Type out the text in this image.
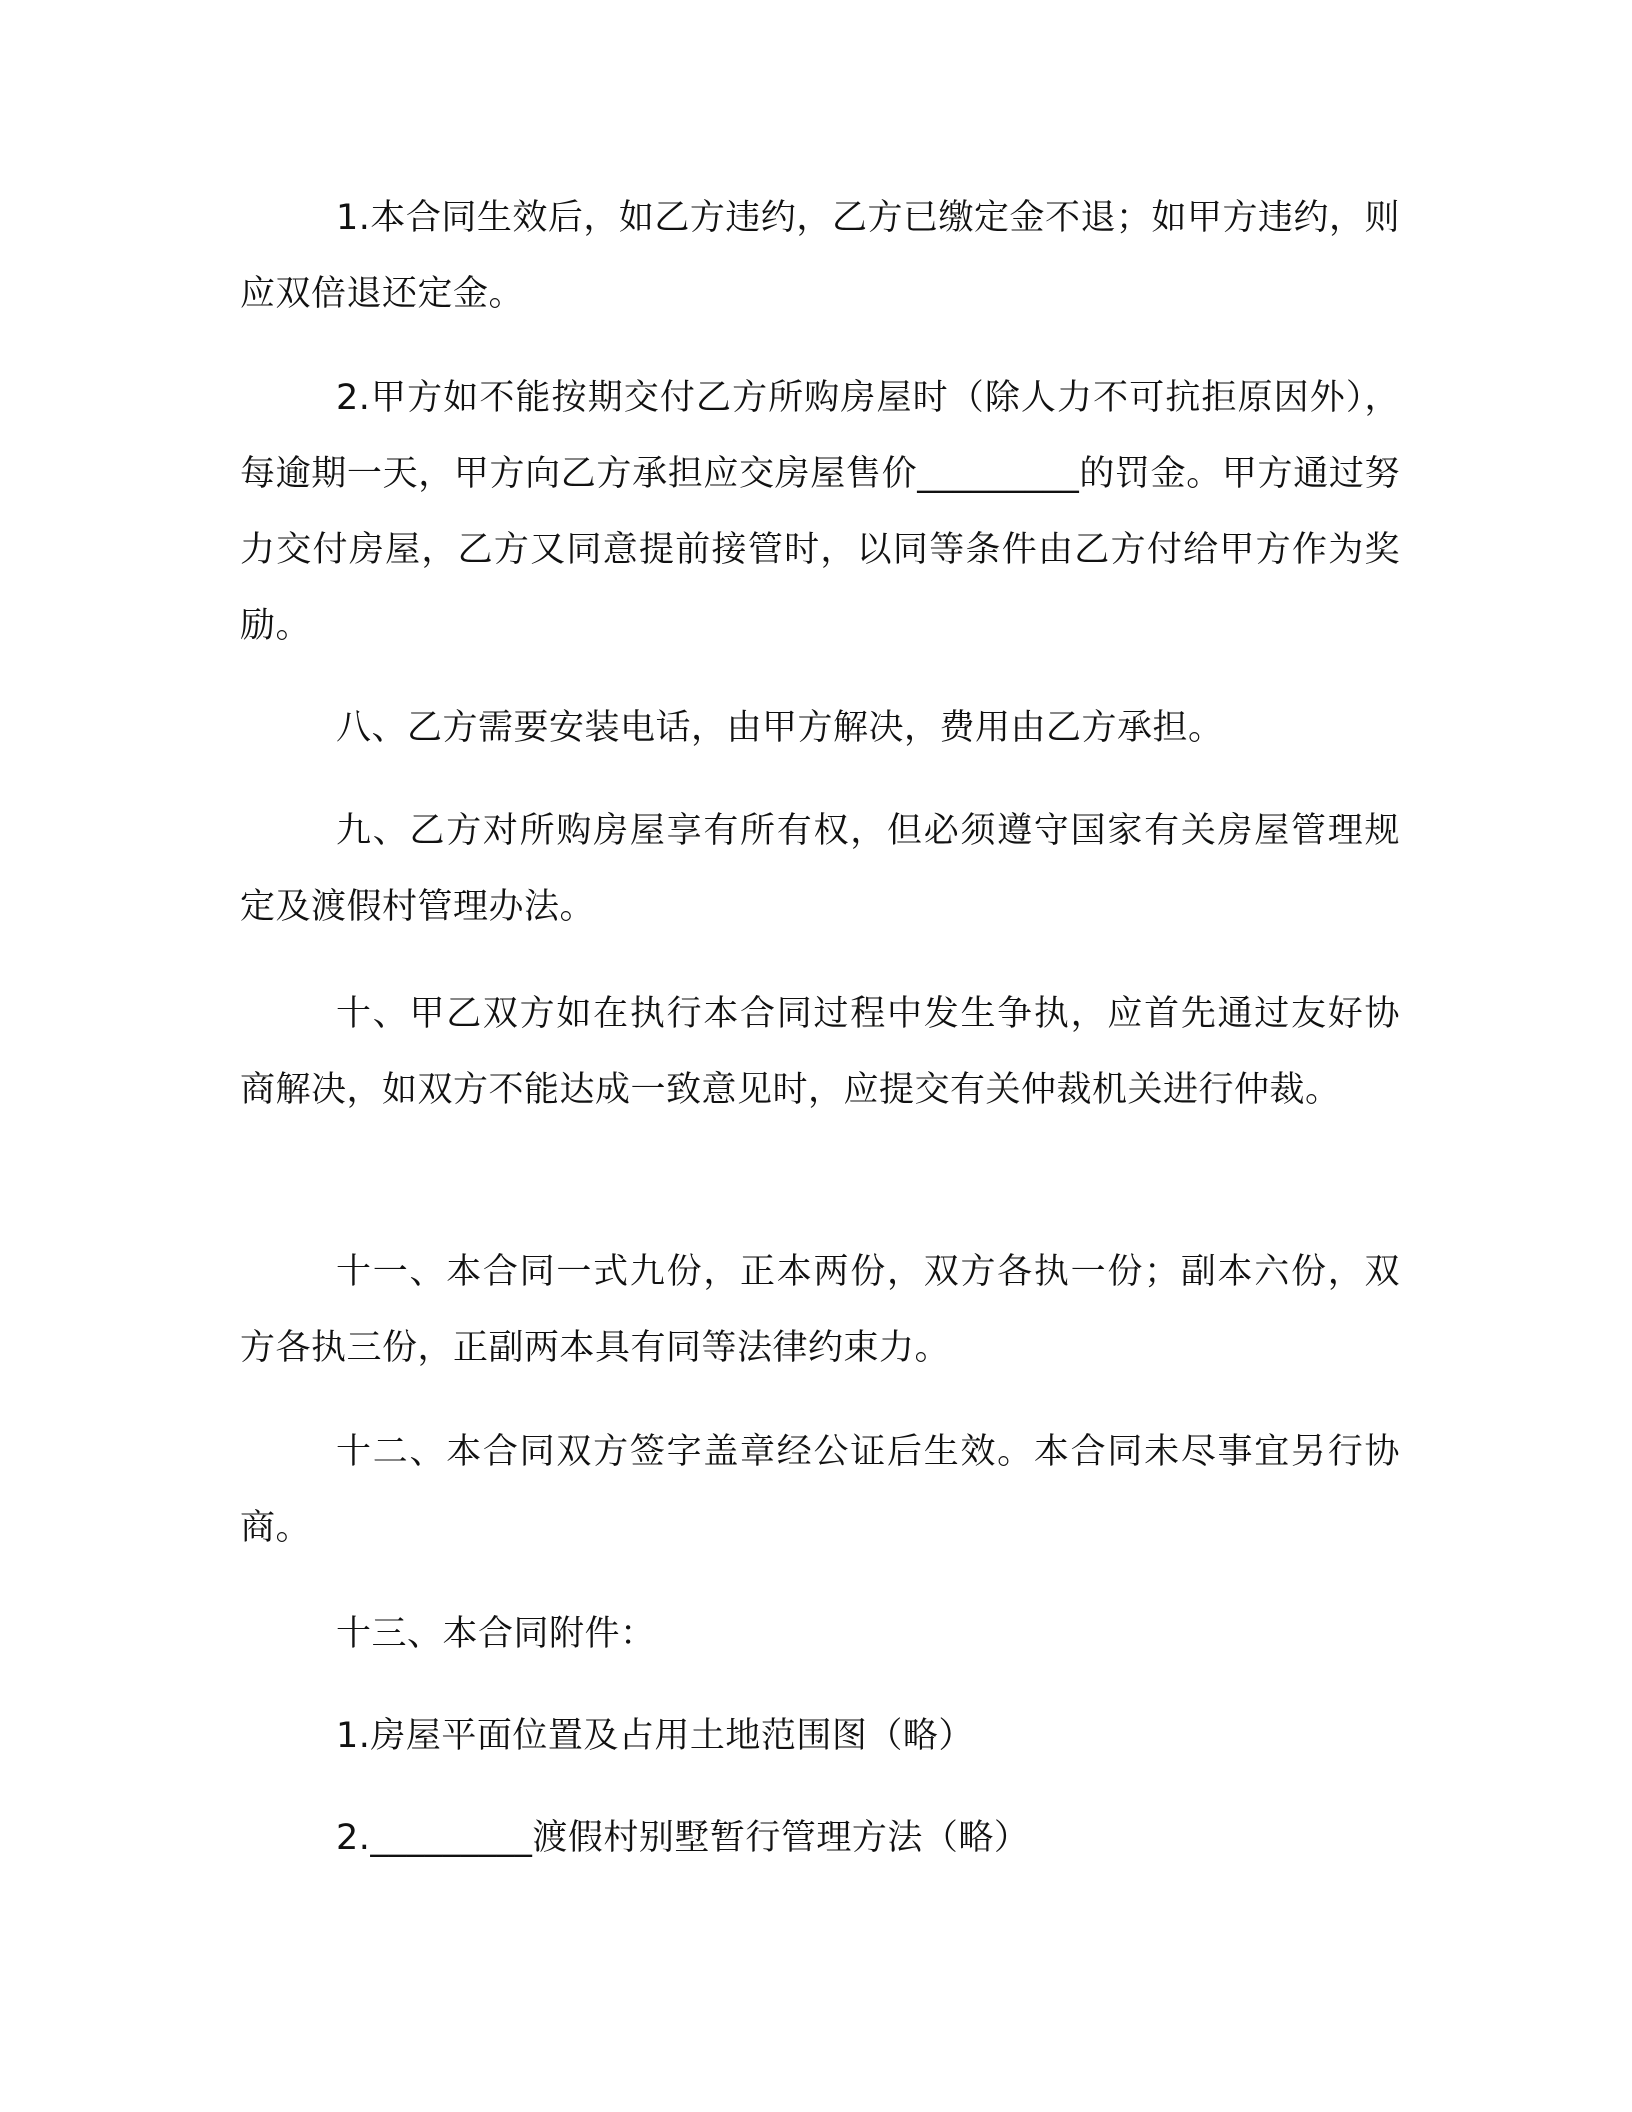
1.本合同生效后，如乙方违约，乙方已缴定金不退；如甲方违约，则应双倍退还定金。

2.甲方如不能按期交付乙方所购房屋时（除人力不可抗拒原因外），每逾期一天，甲方向乙方承担应交房屋售价_________的罚金。甲方通过努力交付房屋，乙方又同意提前接管时，以同等条件由乙方付给甲方作为奖励。

八、乙方需要安装电话，由甲方解决，费用由乙方承担。

九、乙方对所购房屋享有所有权，但必须遵守国家有关房屋管理规定及渡假村管理办法。

十、甲乙双方如在执行本合同过程中发生争执，应首先通过友好协商解决，如双方不能达成一致意见时，应提交有关仲裁机关进行仲裁。

十一、本合同一式九份，正本两份，双方各执一份；副本六份，双方各执三份，正副两本具有同等法律约束力。

十二、本合同双方签字盖章经公证后生效。本合同未尽事宜另行协商。

十三、本合同附件：

1.房屋平面位置及占用土地范围图（略）

2._________渡假村别墅暂行管理方法（略）
